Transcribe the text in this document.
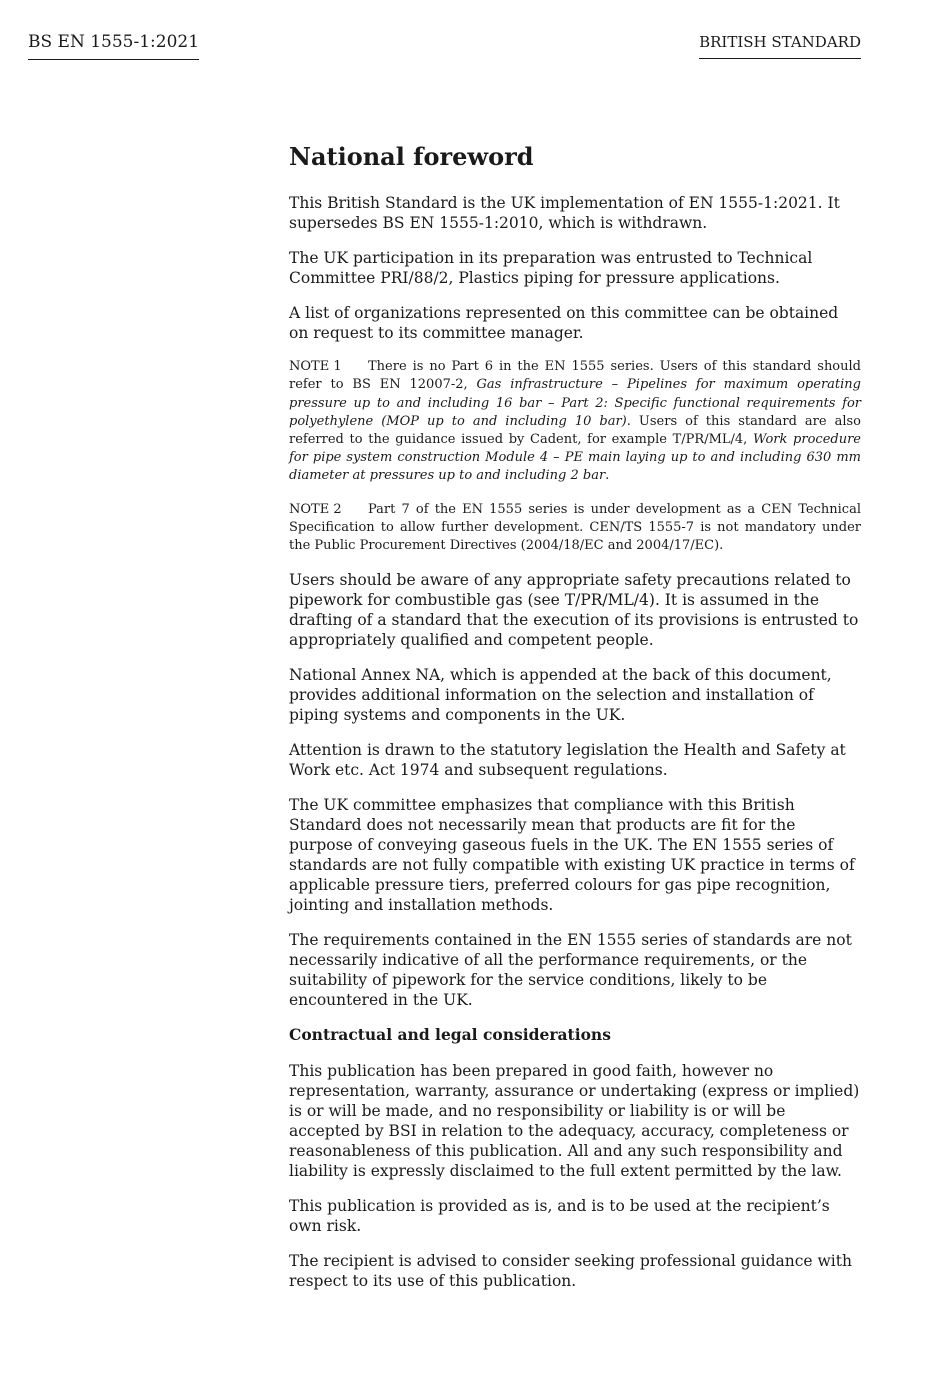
BS EN 1555-1:2021	BRITISH STANDARD
National foreword

This British Standard is the UK implementation of EN 1555-1:2021. It supersedes BS EN 1555-1:2010, which is withdrawn.

The UK participation in its preparation was entrusted to Technical Committee PRI/88/2, Plastics piping for pressure applications.

A list of organizations represented on this committee can be obtained on request to its committee manager.

NOTE 1 There is no Part 6 in the EN 1555 series. Users of this standard should refer to BS EN 12007-2, Gas infrastructure – Pipelines for maximum operating pressure up to and including 16 bar – Part 2: Specific functional requirements for polyethylene (MOP up to and including 10 bar). Users of this standard are also referred to the guidance issued by Cadent, for example T/PR/ML/4, Work procedure for pipe system construction Module 4 – PE main laying up to and including 630 mm diameter at pressures up to and including 2 bar.
NOTE 2 Part 7 of the EN 1555 series is under development as a CEN Technical Specification to allow further development. CEN/TS 1555-7 is not mandatory under the Public Procurement Directives (2004/18/EC and 2004/17/EC).

Users should be aware of any appropriate safety precautions related to pipework for combustible gas (see T/PR/ML/4). It is assumed in the drafting of a standard that the execution of its provisions is entrusted to appropriately qualified and competent people.

National Annex NA, which is appended at the back of this document, provides additional information on the selection and installation of piping systems and components in the UK.

Attention is drawn to the statutory legislation the Health and Safety at Work etc. Act 1974 and subsequent regulations.

The UK committee emphasizes that compliance with this British Standard does not necessarily mean that products are fit for the purpose of conveying gaseous fuels in the UK. The EN 1555 series of standards are not fully compatible with existing UK practice in terms of applicable pressure tiers, preferred colours for gas pipe recognition, jointing and installation methods.

The requirements contained in the EN 1555 series of standards are not necessarily indicative of all the performance requirements, or the suitability of pipework for the service conditions, likely to be encountered in the UK.

Contractual and legal considerations

This publication has been prepared in good faith, however no representation, warranty, assurance or undertaking (express or implied) is or will be made, and no responsibility or liability is or will be accepted by BSI in relation to the adequacy, accuracy, completeness or reasonableness of this publication. All and any such responsibility and liability is expressly disclaimed to the full extent permitted by the law.

This publication is provided as is, and is to be used at the recipient’s own risk.

The recipient is advised to consider seeking professional guidance with respect to its use of this publication.
